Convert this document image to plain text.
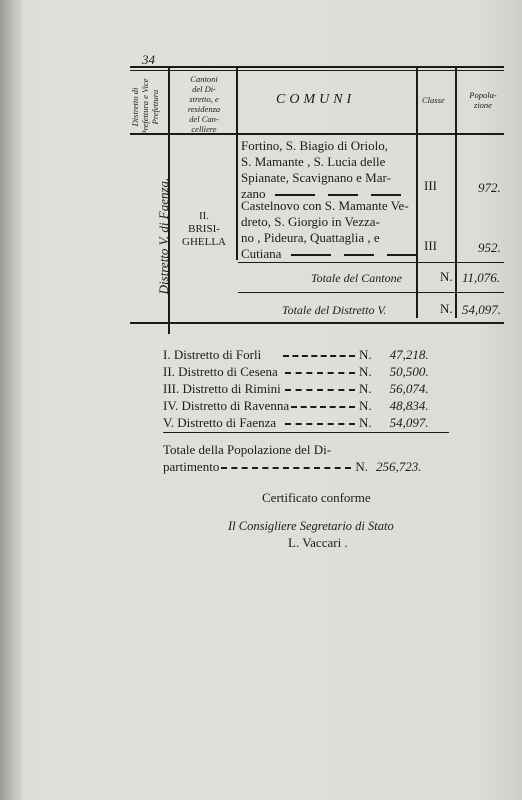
34
Distretto di Prefettura e Vice Prefettura
Cantoni
del Di-
stretto, e
residenza
del Can-
celliere
COMUNI	Classe	Popola-
zione
Distretto V. di Faenza.	II.
BRISI-
GHELLA
Fortino, S. Biagio di Oriolo,
S. Mamante , S. Lucia delle
Spianate, Scavignano e Mar-
zano
III	972.
Castelnovo con S. Mamante Ve-
dreto, S. Giorgio in Vezza-
no , Pideura, Quattaglia , e
Cutiana
III	952.
Totale del Cantone	N. 11,076.
Totale del Distretto V.	N. 54,097.
I. Distretto di Forlì	N. 47,218.
II. Distretto di Cesena	N. 50,500.
III. Distretto di Rimini	N. 56,074.
IV. Distretto di Ravenna	N. 48,834.
V. Distretto di Faenza	N. 54,097.
Totale della Popolazione del Di-
partimento	N. 256,723.
Certificato conforme
Il Consigliere Segretario di Stato
L. Vaccari .
